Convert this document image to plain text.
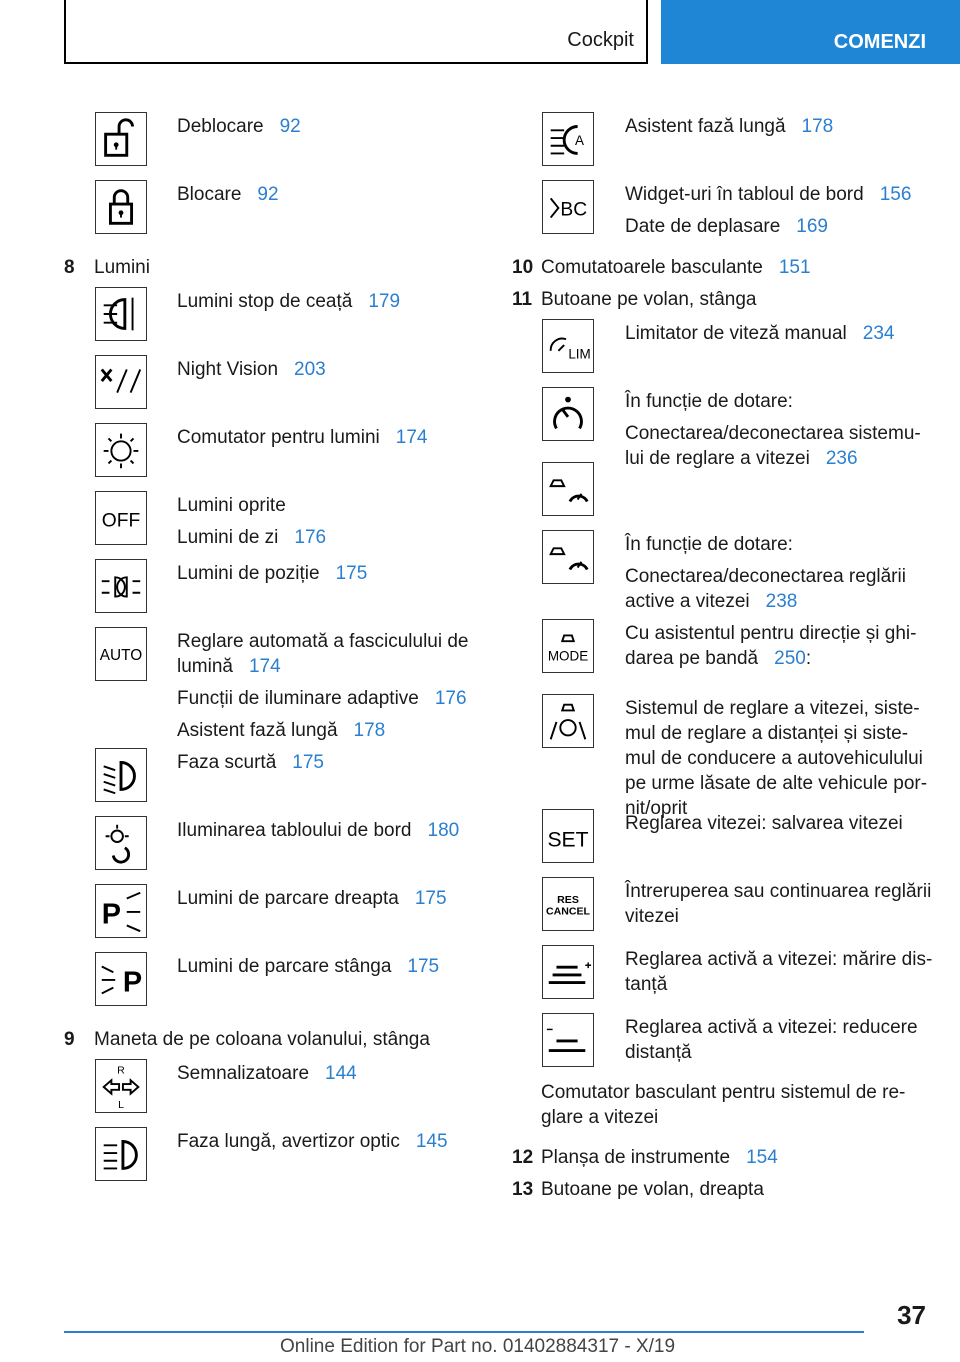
Cockpit	COMENZI
Deblocare 92
Blocare 92
8 Lumini
Lumini stop de ceață 179
Night Vision 203
Comutator pentru lumini 174
OFF
Lumini oprite
Lumini de zi 176
Lumini de poziție 175
AUTO
Reglare automată a fasciculului de
lumină 174
Funcții de iluminare adaptive 176
Asistent fază lungă 178
Faza scurtă 175
Iluminarea tabloului de bord 180
P	Lumini de parcare dreapta 175
P Lumini de parcare stânga 175
9 Maneta de pe coloana volanului, stânga
R
L
Semnalizatoare 144
Faza lungă, avertizor optic 145
A
Asistent fază lungă 178
BC
Widget-uri în tabloul de bord 156
Date de deplasare 169
10 Comutatoarele basculante 151
11 Butoane pe volan, stânga
LIM
Limitator de viteză manual 234
În funcție de dotare:
Conectarea/deconectarea sistemu-
lui de reglare a vitezei 236
În funcție de dotare:
Conectarea/deconectarea reglării
active a vitezei 238
MODE
Cu asistentul pentru direcție și ghi-
darea pe bandă 250:
Sistemul de reglare a vitezei, siste-
mul de reglare a distanței și siste-
mul de conducere a autovehiculului
pe urme lăsate de alte vehicule por-
nit/oprit
SET
Reglarea vitezei: salvarea vitezei
RES
CANCEL
Întreruperea sau continuarea reglării
vitezei
Reglarea activă a vitezei: mărire dis-
tanță
Reglarea activă a vitezei: reducere
distanță
Comutator basculant pentru sistemul de re-
glare a vitezei
12 Planșa de instrumente 154
13 Butoane pe volan, dreapta
37
Online Edition for Part no. 01402884317 - X/19
